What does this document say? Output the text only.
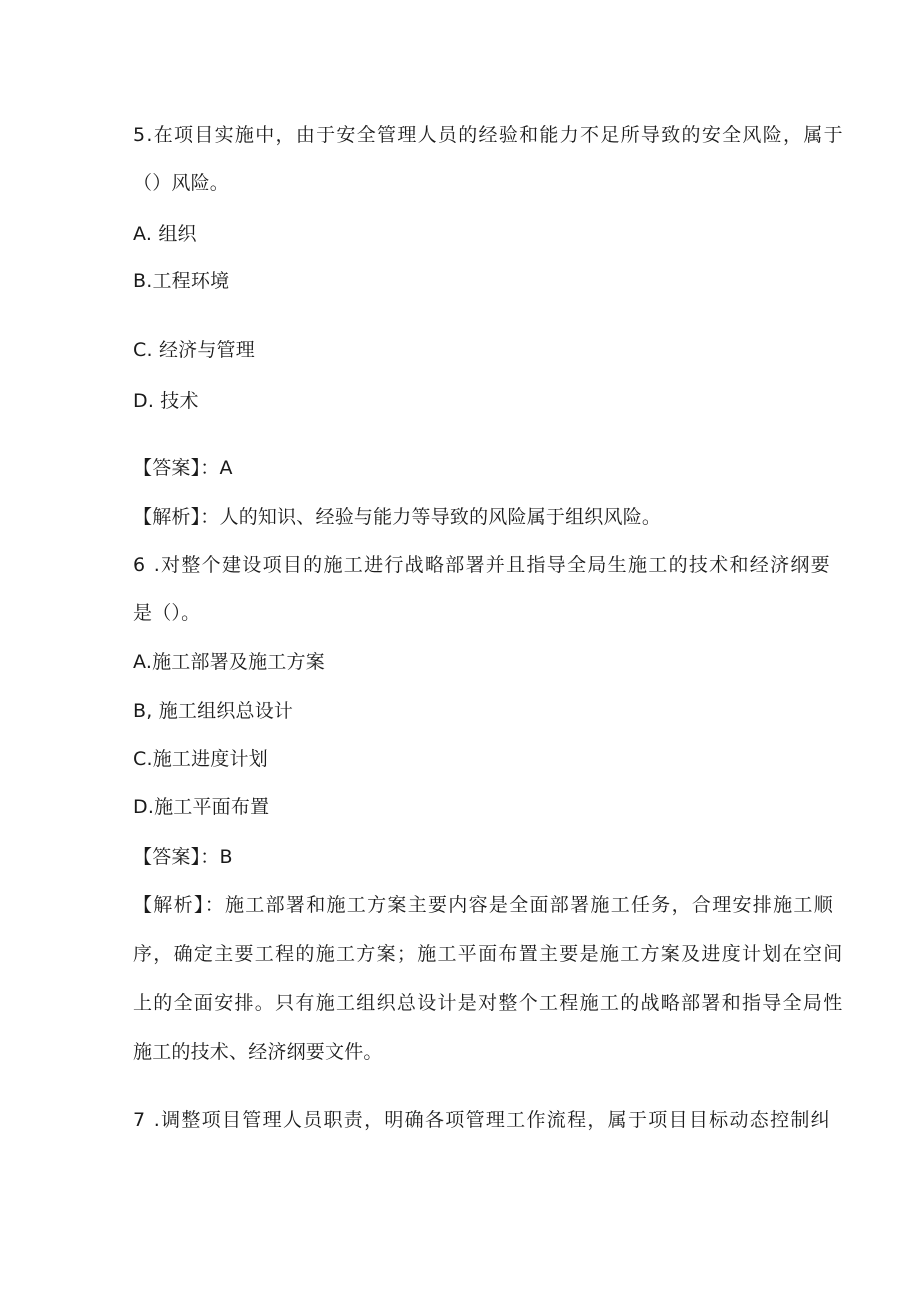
5.在项目实施中，由于安全管理人员的经验和能力不足所导致的安全风险，属于
（）风险。
A. 组织
B.工程环境
C. 经济与管理
D. 技术
【答案】：A
【解析】：人的知识、经验与能力等导致的风险属于组织风险。
6 .对整个建设项目的施工进行战略部署并且指导全局生施工的技术和经济纲要
是（）。
A.施工部署及施工方案
B, 施工组织总设计
C.施工进度计划
D.施工平面布置
【答案】：B
【解析】：施工部署和施工方案主要内容是全面部署施工任务，合理安排施工顺
序，确定主要工程的施工方案；施工平面布置主要是施工方案及进度计划在空间
上的全面安排。只有施工组织总设计是对整个工程施工的战略部署和指导全局性
施工的技术、经济纲要文件。
7 .调整项目管理人员职责，明确各项管理工作流程，属于项目目标动态控制纠
